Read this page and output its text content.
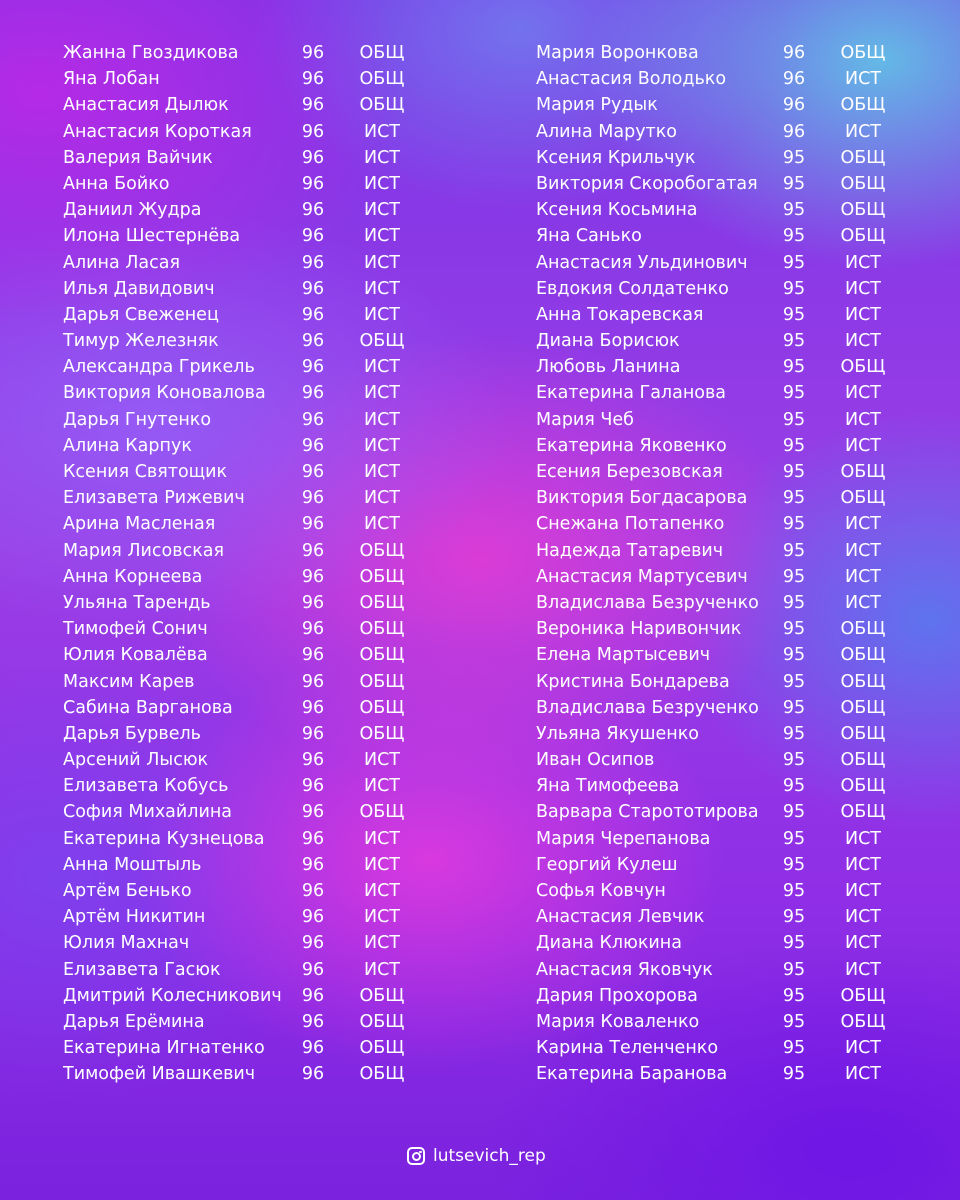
Жанна Гвоздикова	96	ОБЩ
Яна Лобан	96	ОБЩ
Анастасия Дылюк	96	ОБЩ
Анастасия Короткая	96	ИСТ
Валерия Вайчик	96	ИСТ
Анна Бойко	96	ИСТ
Даниил Жудра	96	ИСТ
Илона Шестернёва	96	ИСТ
Алина Ласая	96	ИСТ
Илья Давидович	96	ИСТ
Дарья Свеженец	96	ИСТ
Тимур Железняк	96	ОБЩ
Александра Грикель	96	ИСТ
Виктория Коновалова	96	ИСТ
Дарья Гнутенко	96	ИСТ
Алина Карпук	96	ИСТ
Ксения Святощик	96	ИСТ
Елизавета Рижевич	96	ИСТ
Арина Масленая	96	ИСТ
Мария Лисовская	96	ОБЩ
Анна Корнеева	96	ОБЩ
Ульяна Тарендь	96	ОБЩ
Тимофей Сонич	96	ОБЩ
Юлия Ковалёва	96	ОБЩ
Максим Карев	96	ОБЩ
Сабина Варганова	96	ОБЩ
Дарья Бурвель	96	ОБЩ
Арсений Лысюк	96	ИСТ
Елизавета Кобусь	96	ИСТ
София Михайлина	96	ОБЩ
Екатерина Кузнецова	96	ИСТ
Анна Моштыль	96	ИСТ
Артём Бенько	96	ИСТ
Артём Никитин	96	ИСТ
Юлия Махнач	96	ИСТ
Елизавета Гасюк	96	ИСТ
Дмитрий Колесникович	96	ОБЩ
Дарья Ерёмина	96	ОБЩ
Екатерина Игнатенко	96	ОБЩ
Тимофей Ивашкевич	96	ОБЩ
Мария Воронкова	96	ОБЩ
Анастасия Володько	96	ИСТ
Мария Рудык	96	ОБЩ
Алина Марутко	96	ИСТ
Ксения Крильчук	95	ОБЩ
Виктория Скоробогатая	95	ОБЩ
Ксения Косьмина	95	ОБЩ
Яна Санько	95	ОБЩ
Анастасия Ульдинович	95	ИСТ
Евдокия Солдатенко	95	ИСТ
Анна Токаревская	95	ИСТ
Диана Борисюк	95	ИСТ
Любовь Ланина	95	ОБЩ
Екатерина Галанова	95	ИСТ
Мария Чеб	95	ИСТ
Екатерина Яковенко	95	ИСТ
Есения Березовская	95	ОБЩ
Виктория Богдасарова	95	ОБЩ
Снежана Потапенко	95	ИСТ
Надежда Татаревич	95	ИСТ
Анастасия Мартусевич	95	ИСТ
Владислава Безрученко	95	ИСТ
Вероника Наривончик	95	ОБЩ
Елена Мартысевич	95	ОБЩ
Кристина Бондарева	95	ОБЩ
Владислава Безрученко	95	ОБЩ
Ульяна Якушенко	95	ОБЩ
Иван Осипов	95	ОБЩ
Яна Тимофеева	95	ОБЩ
Варвара Старототирова	95	ОБЩ
Мария Черепанова	95	ИСТ
Георгий Кулеш	95	ИСТ
Софья Ковчун	95	ИСТ
Анастасия Левчик	95	ИСТ
Диана Клюкина	95	ИСТ
Анастасия Яковчук	95	ИСТ
Дария Прохорова	95	ОБЩ
Мария Коваленко	95	ОБЩ
Карина Теленченко	95	ИСТ
Екатерина Баранова	95	ИСТ
lutsevich_rep
